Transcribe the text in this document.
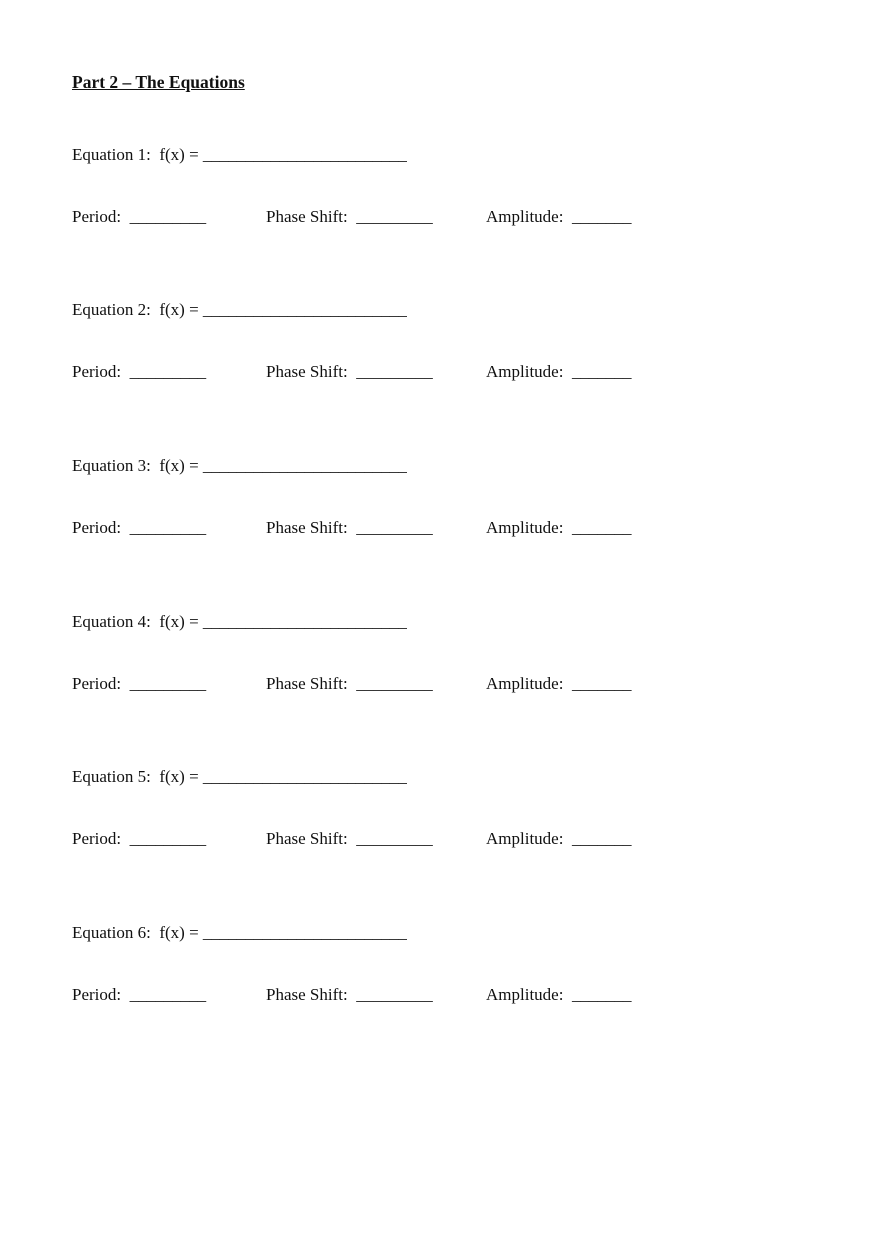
Part 2 – The Equations
Equation 1:  f(x) = ________________________
Period:  _________	Phase Shift:  _________	Amplitude:  _______
Equation 2:  f(x) = ________________________
Period:  _________	Phase Shift:  _________	Amplitude:  _______
Equation 3:  f(x) = ________________________
Period:  _________	Phase Shift:  _________	Amplitude:  _______
Equation 4:  f(x) = ________________________
Period:  _________	Phase Shift:  _________	Amplitude:  _______
Equation 5:  f(x) = ________________________
Period:  _________	Phase Shift:  _________	Amplitude:  _______
Equation 6:  f(x) = ________________________
Period:  _________	Phase Shift:  _________	Amplitude:  _______
